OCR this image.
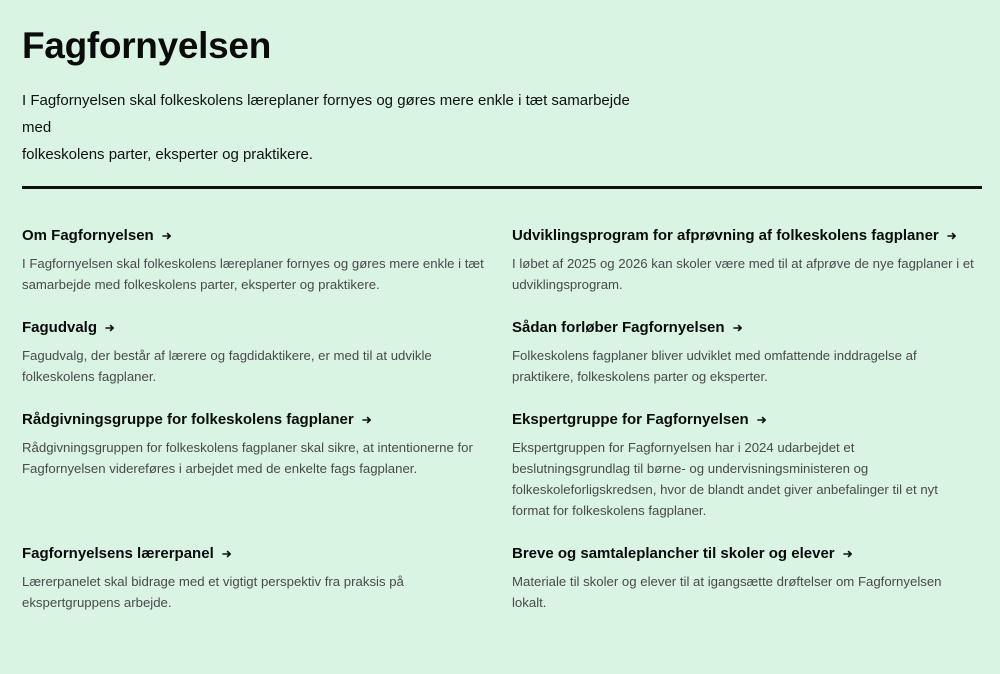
Fagfornyelsen

I Fagfornyelsen skal folkeskolens læreplaner fornyes og gøres mere enkle i tæt samarbejde med
folkeskolens parter, eksperter og praktikere.

Om Fagfornyelsen

I Fagfornyelsen skal folkeskolens læreplaner fornyes og gøres mere enkle i tæt
samarbejde med folkeskolens parter, eksperter og praktikere.

Fagudvalg

Fagudvalg, der består af lærere og fagdidaktikere, er med til at udvikle
folkeskolens fagplaner.

Rådgivningsgruppe for folkeskolens fagplaner

Rådgivningsgruppen for folkeskolens fagplaner skal sikre, at intentionerne for
Fagfornyelsen videreføres i arbejdet med de enkelte fags fagplaner.

Fagfornyelsens lærerpanel

Lærerpanelet skal bidrage med et vigtigt perspektiv fra praksis på
ekspertgruppens arbejde.

Udviklingsprogram for afprøvning af folkeskolens fagplaner

I løbet af 2025 og 2026 kan skoler være med til at afprøve de nye fagplaner i et
udviklingsprogram.

Sådan forløber Fagfornyelsen

Folkeskolens fagplaner bliver udviklet med omfattende inddragelse af
praktikere, folkeskolens parter og eksperter.

Ekspertgruppe for Fagfornyelsen

Ekspertgruppen for Fagfornyelsen har i 2024 udarbejdet et
beslutningsgrundlag til børne- og undervisningsministeren og
folkeskoleforligskredsen, hvor de blandt andet giver anbefalinger til et nyt
format for folkeskolens fagplaner.

Breve og samtaleplancher til skoler og elever

Materiale til skoler og elever til at igangsætte drøftelser om Fagfornyelsen
lokalt.
